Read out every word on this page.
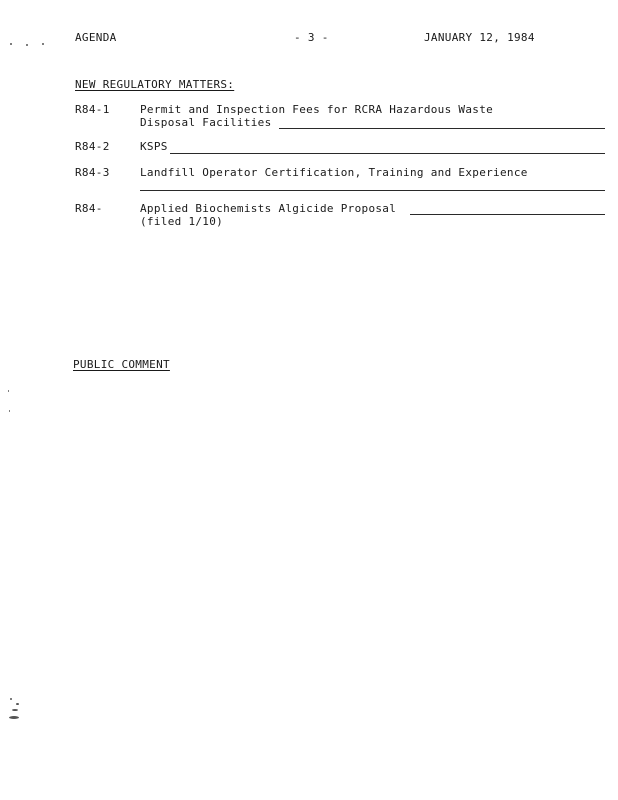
AGENDA	- 3 -	JANUARY 12, 1984
NEW REGULATORY MATTERS:
R84-1	Permit and Inspection Fees for RCRA Hazardous Waste
Disposal Facilities
R84-2	KSPS
R84-3	Landfill Operator Certification, Training and Experience
R84-	Applied Biochemists Algicide Proposal
(filed 1/10)
PUBLIC COMMENT
